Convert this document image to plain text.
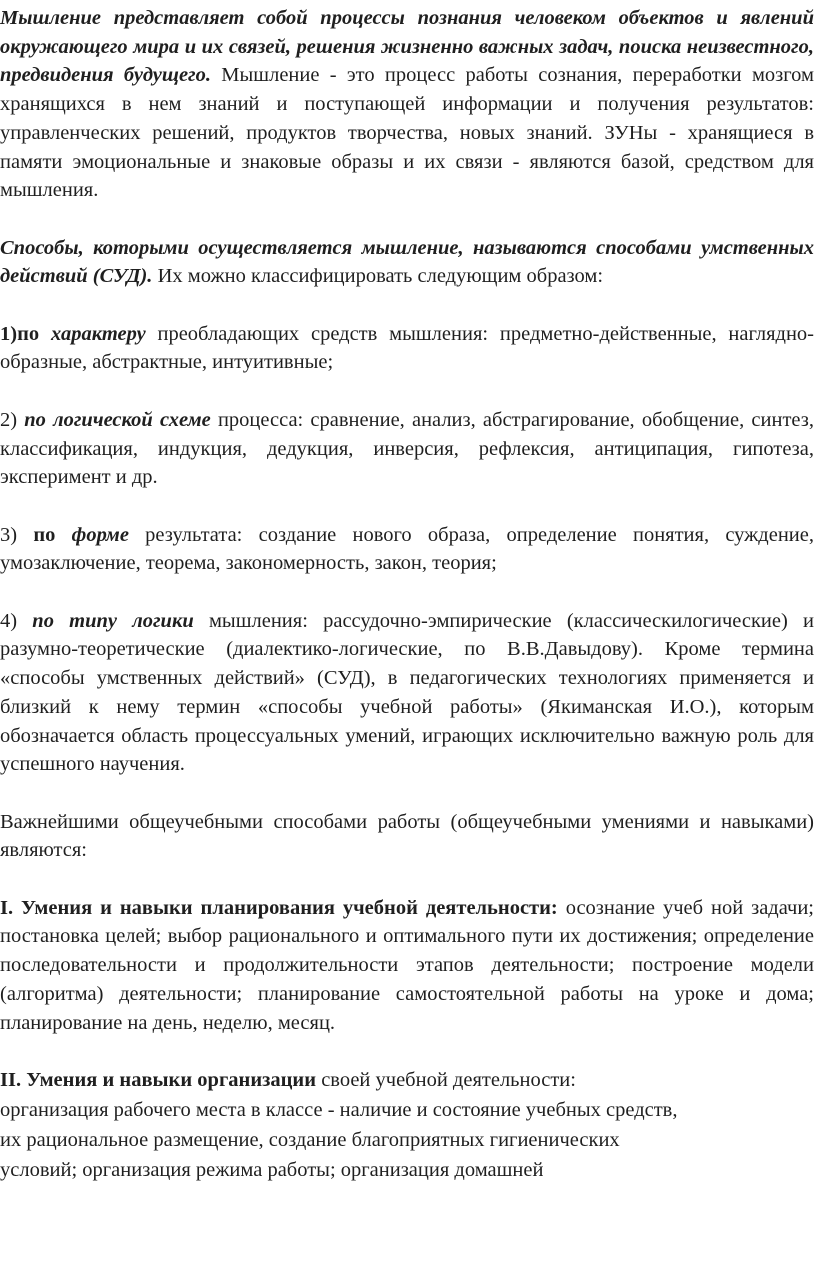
Мышление представляет собой процессы познания человеком объектов и явлений окружающего мира и их связей, решения жизненно важных задач, поиска неизвестного, предвидения будущего. Мышление - это процесс работы сознания, переработки мозгом хранящихся в нем знаний и поступающей информации и получения результатов: управленческих решений, продуктов творчества, новых знаний. ЗУНы - хранящиеся в памяти эмоциональные и знаковые образы и их связи - являются базой, средством для мышления.

Способы, которыми осуществляется мышление, называются способами умственных действий (СУД). Их можно классифицировать следующим образом:

1)по характеру преобладающих средств мышления: предметно-действенные, наглядно-образные, абстрактные, интуитивные;

2) по логической схеме процесса: сравнение, анализ, абстрагирование, обобщение, синтез, классификация, индукция, дедукция, инверсия, рефлексия, антиципация, гипотеза, эксперимент и др.

3) по форме результата: создание нового образа, определение понятия, суждение, умозаключение, теорема, закономерность, закон, теория;

4) по типу логики мышления: рассудочно-эмпирические (классическилогические) и разумно-теоретические (диалектико-логические, по В.В.Давыдову). Кроме термина «способы умственных действий» (СУД), в педагогических технологиях применяется и близкий к нему термин «способы учебной работы» (Якиманская И.О.), которым обозначается область процессуальных умений, играющих исключительно важную роль для успешного научения.

Важнейшими общеучебными способами работы (общеучебными умениями и навыками) являются:

I. Умения и навыки планирования учебной деятельности: осознание учеб ной задачи; постановка целей; выбор рационального и оптимального пути их достижения; определение последовательности и продолжительности этапов деятельности; построение модели (алгоритма) деятельности; планирование самостоятельной работы на уроке и дома; планирование на день, неделю, месяц.

II. Умения и навыки организации своей учебной деятельности:

организация рабочего места в классе - наличие и состояние учебных средств,

их рациональное размещение, создание благоприятных гигиенических

условий; организация режима работы; организация домашней
